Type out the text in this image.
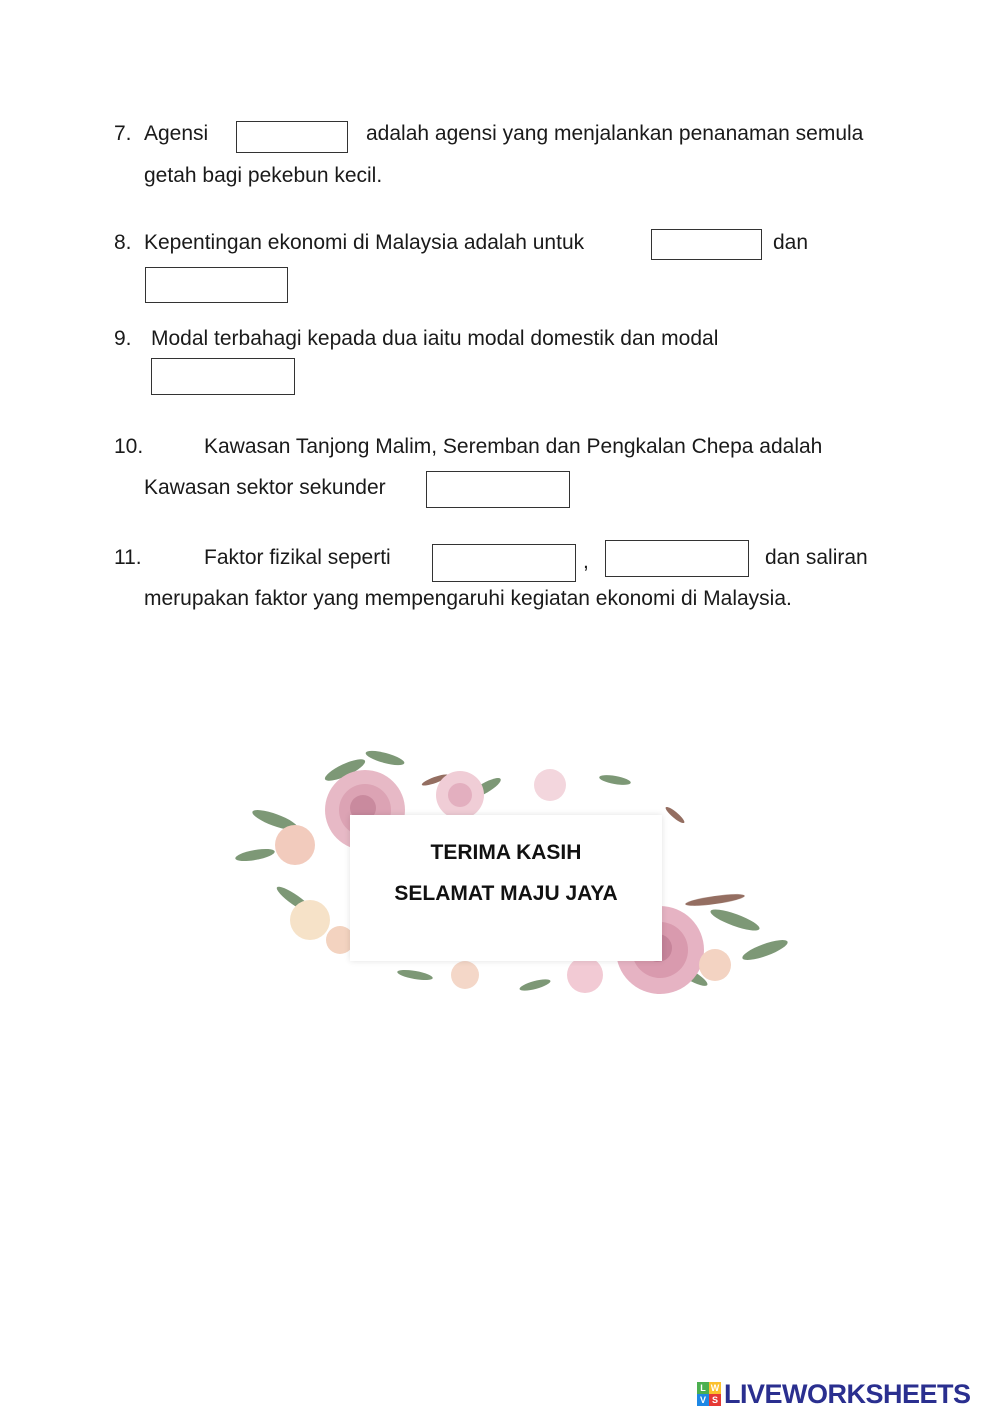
7. Agensi	adalah agensi yang menjalankan penanaman semula
getah bagi pekebun kecil.
8. Kepentingan ekonomi di Malaysia adalah untuk	dan
9. Modal terbahagi kepada dua iaitu modal domestik dan modal
10.	Kawasan Tanjong Malim, Seremban dan Pengkalan Chepa adalah
Kawasan sektor sekunder
11.	Faktor fizikal seperti	,	dan saliran
merupakan faktor yang mempengaruhi kegiatan ekonomi di Malaysia.
TERIMA KASIH
SELAMAT MAJU JAYA
L W
V S LIVEWORKSHEETS
